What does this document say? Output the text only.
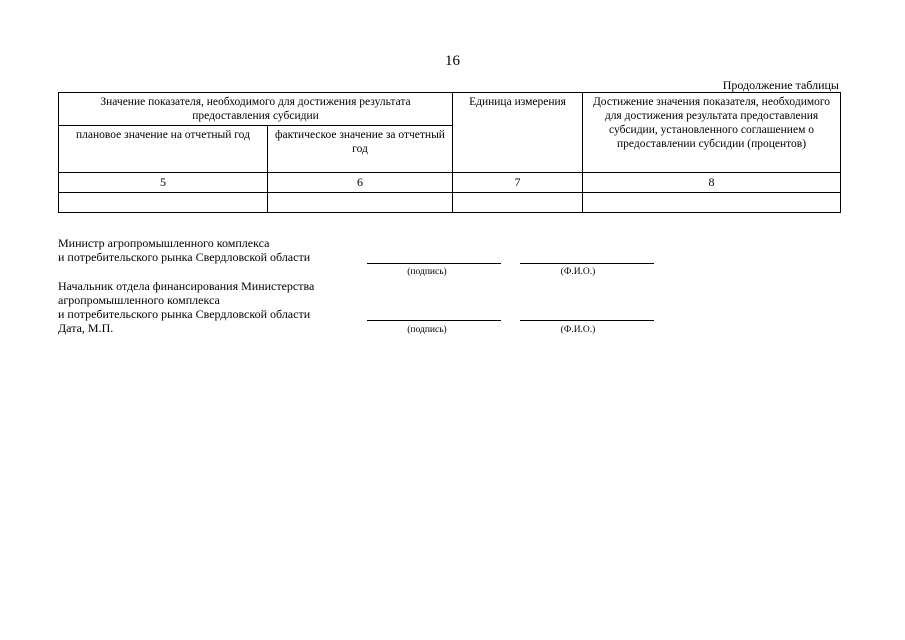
16
Продолжение таблицы
Значение показателя, необходимого для достижения результата предоставления субсидии		Единица измерения	Достижение значения показателя, необходимого для достижения результата предоставления субсидии, установленного соглашением о предоставлении субсидии (процентов)
плановое значение на отчетный год	фактическое значение за отчетный год		
5	6	7	8

Министр агропромышленного комплекса
и потребительского рынка Свердловской области
(подпись)	(Ф.И.О.)
Начальник отдела финансирования Министерства
агропромышленного комплекса
и потребительского рынка Свердловской области
Дата, М.П.	(подпись)	(Ф.И.О.)
